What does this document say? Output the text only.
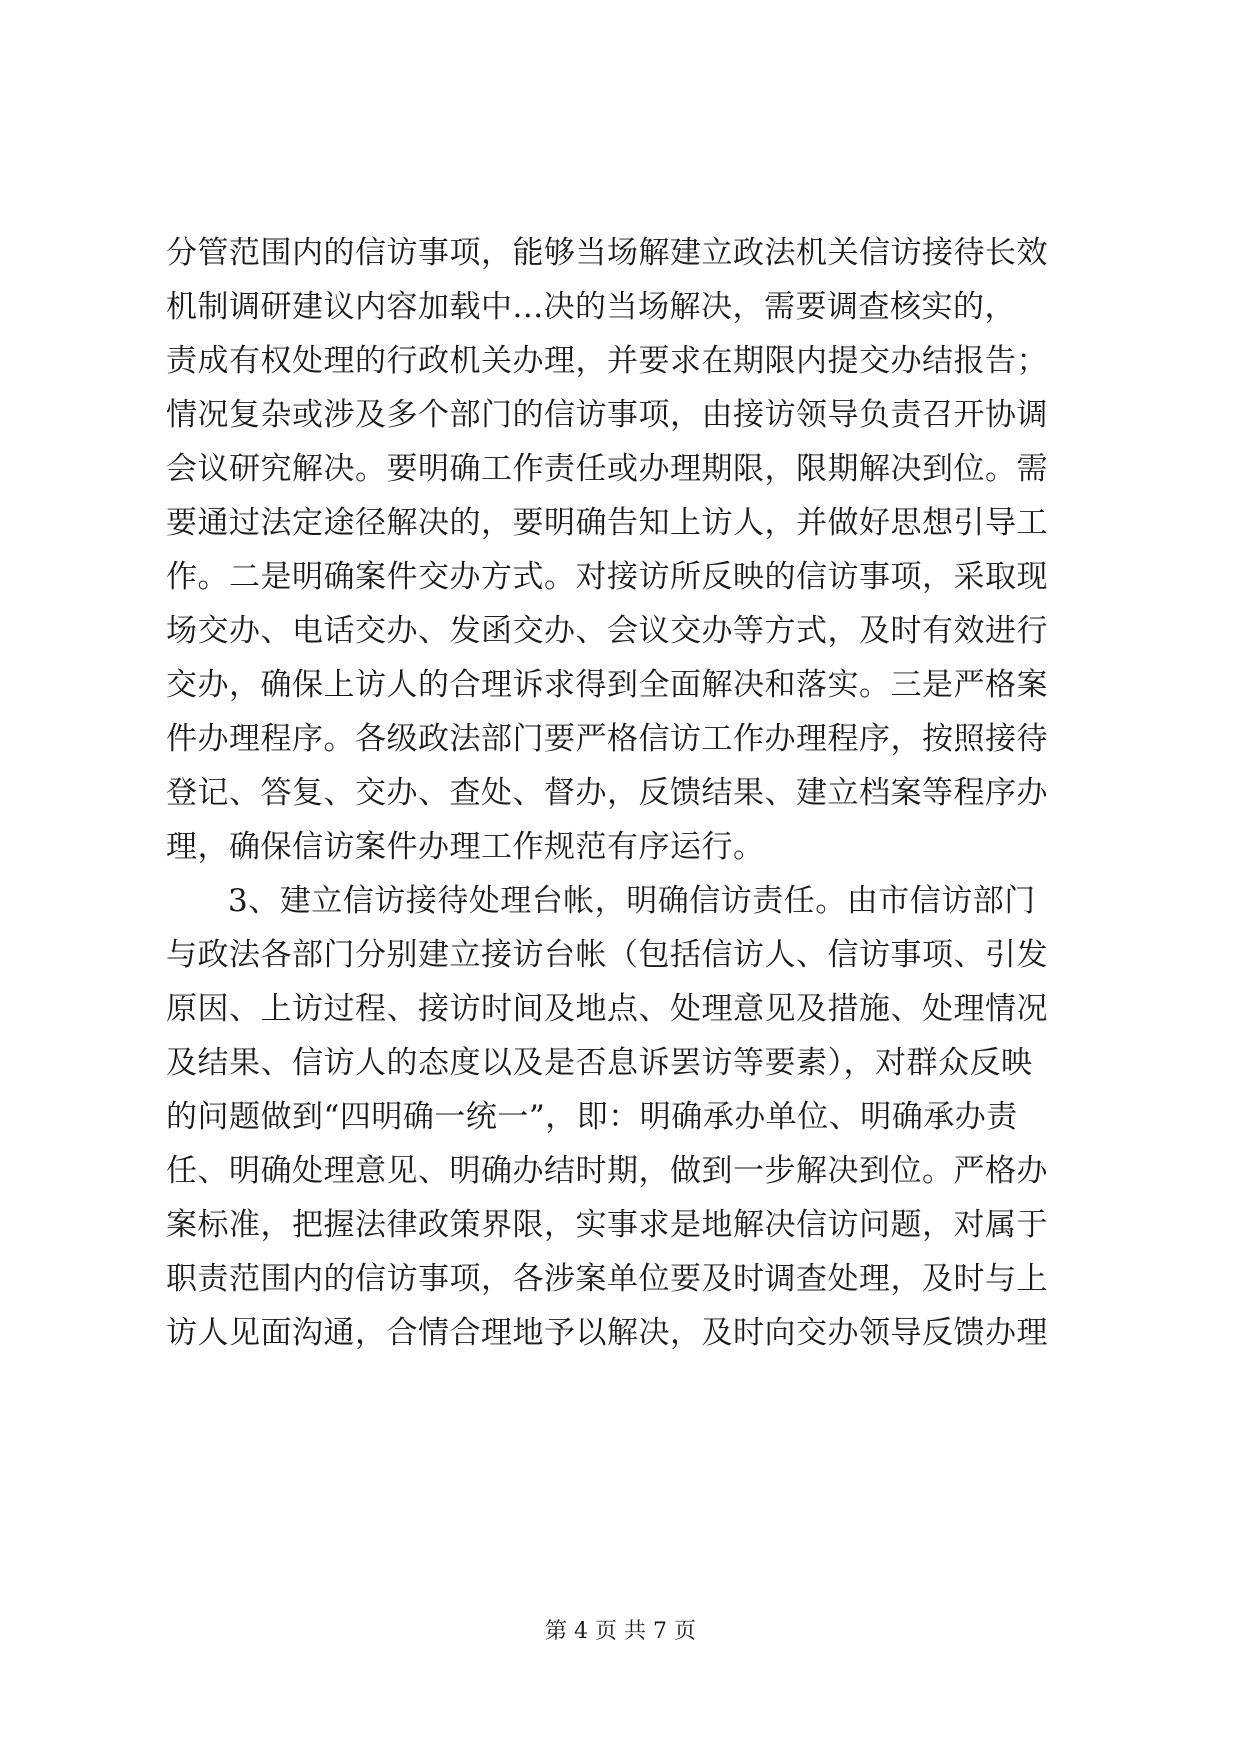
分管范围内的信访事项，能够当场解建立政法机关信访接待长效
机制调研建议内容加载中...决的当场解决，需要调查核实的，
责成有权处理的行政机关办理，并要求在期限内提交办结报告；
情况复杂或涉及多个部门的信访事项，由接访领导负责召开协调
会议研究解决。要明确工作责任或办理期限，限期解决到位。需
要通过法定途径解决的，要明确告知上访人，并做好思想引导工
作。二是明确案件交办方式。对接访所反映的信访事项，采取现
场交办、电话交办、发函交办、会议交办等方式，及时有效进行
交办，确保上访人的合理诉求得到全面解决和落实。三是严格案
件办理程序。各级政法部门要严格信访工作办理程序，按照接待
登记、答复、交办、查处、督办，反馈结果、建立档案等程序办
理，确保信访案件办理工作规范有序运行。
3、建立信访接待处理台帐，明确信访责任。由市信访部门
与政法各部门分别建立接访台帐（包括信访人、信访事项、引发
原因、上访过程、接访时间及地点、处理意见及措施、处理情况
及结果、信访人的态度以及是否息诉罢访等要素），对群众反映
的问题做到“四明确一统一”，即：明确承办单位、明确承办责
任、明确处理意见、明确办结时期，做到一步解决到位。严格办
案标准，把握法律政策界限，实事求是地解决信访问题，对属于
职责范围内的信访事项，各涉案单位要及时调查处理，及时与上
访人见面沟通，合情合理地予以解决，及时向交办领导反馈办理
第 4 页 共 7 页
